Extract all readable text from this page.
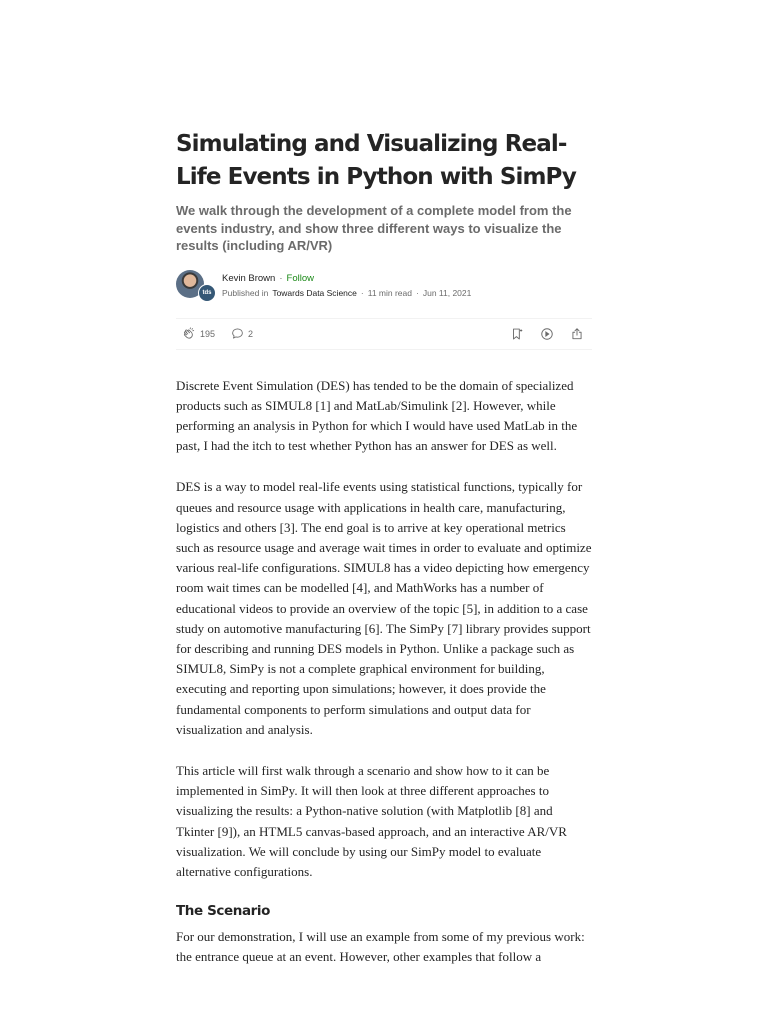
Simulating and Visualizing Real-Life Events in Python with SimPy
We walk through the development of a complete model from the events industry, and show three different ways to visualize the results (including AR/VR)
tds
Kevin Brown · Follow
Published in Towards Data Science · 11 min read · Jun 11, 2021
195	2

Discrete Event Simulation (DES) has tended to be the domain of specialized products such as SIMUL8 [1] and MatLab/Simulink [2]. However, while performing an analysis in Python for which I would have used MatLab in the past, I had the itch to test whether Python has an answer for DES as well.

DES is a way to model real-life events using statistical functions, typically for queues and resource usage with applications in health care, manufacturing, logistics and others [3]. The end goal is to arrive at key operational metrics such as resource usage and average wait times in order to evaluate and optimize various real-life configurations. SIMUL8 has a video depicting how emergency room wait times can be modelled [4], and MathWorks has a number of educational videos to provide an overview of the topic [5], in addition to a case study on automotive manufacturing [6]. The SimPy [7] library provides support for describing and running DES models in Python. Unlike a package such as SIMUL8, SimPy is not a complete graphical environment for building, executing and reporting upon simulations; however, it does provide the fundamental components to perform simulations and output data for visualization and analysis.

This article will first walk through a scenario and show how to it can be implemented in SimPy. It will then look at three different approaches to visualizing the results: a Python-native solution (with Matplotlib [8] and Tkinter [9]), an HTML5 canvas-based approach, and an interactive AR/VR visualization. We will conclude by using our SimPy model to evaluate alternative configurations.

The Scenario

For our demonstration, I will use an example from some of my previous work: the entrance queue at an event. However, other examples that follow a
